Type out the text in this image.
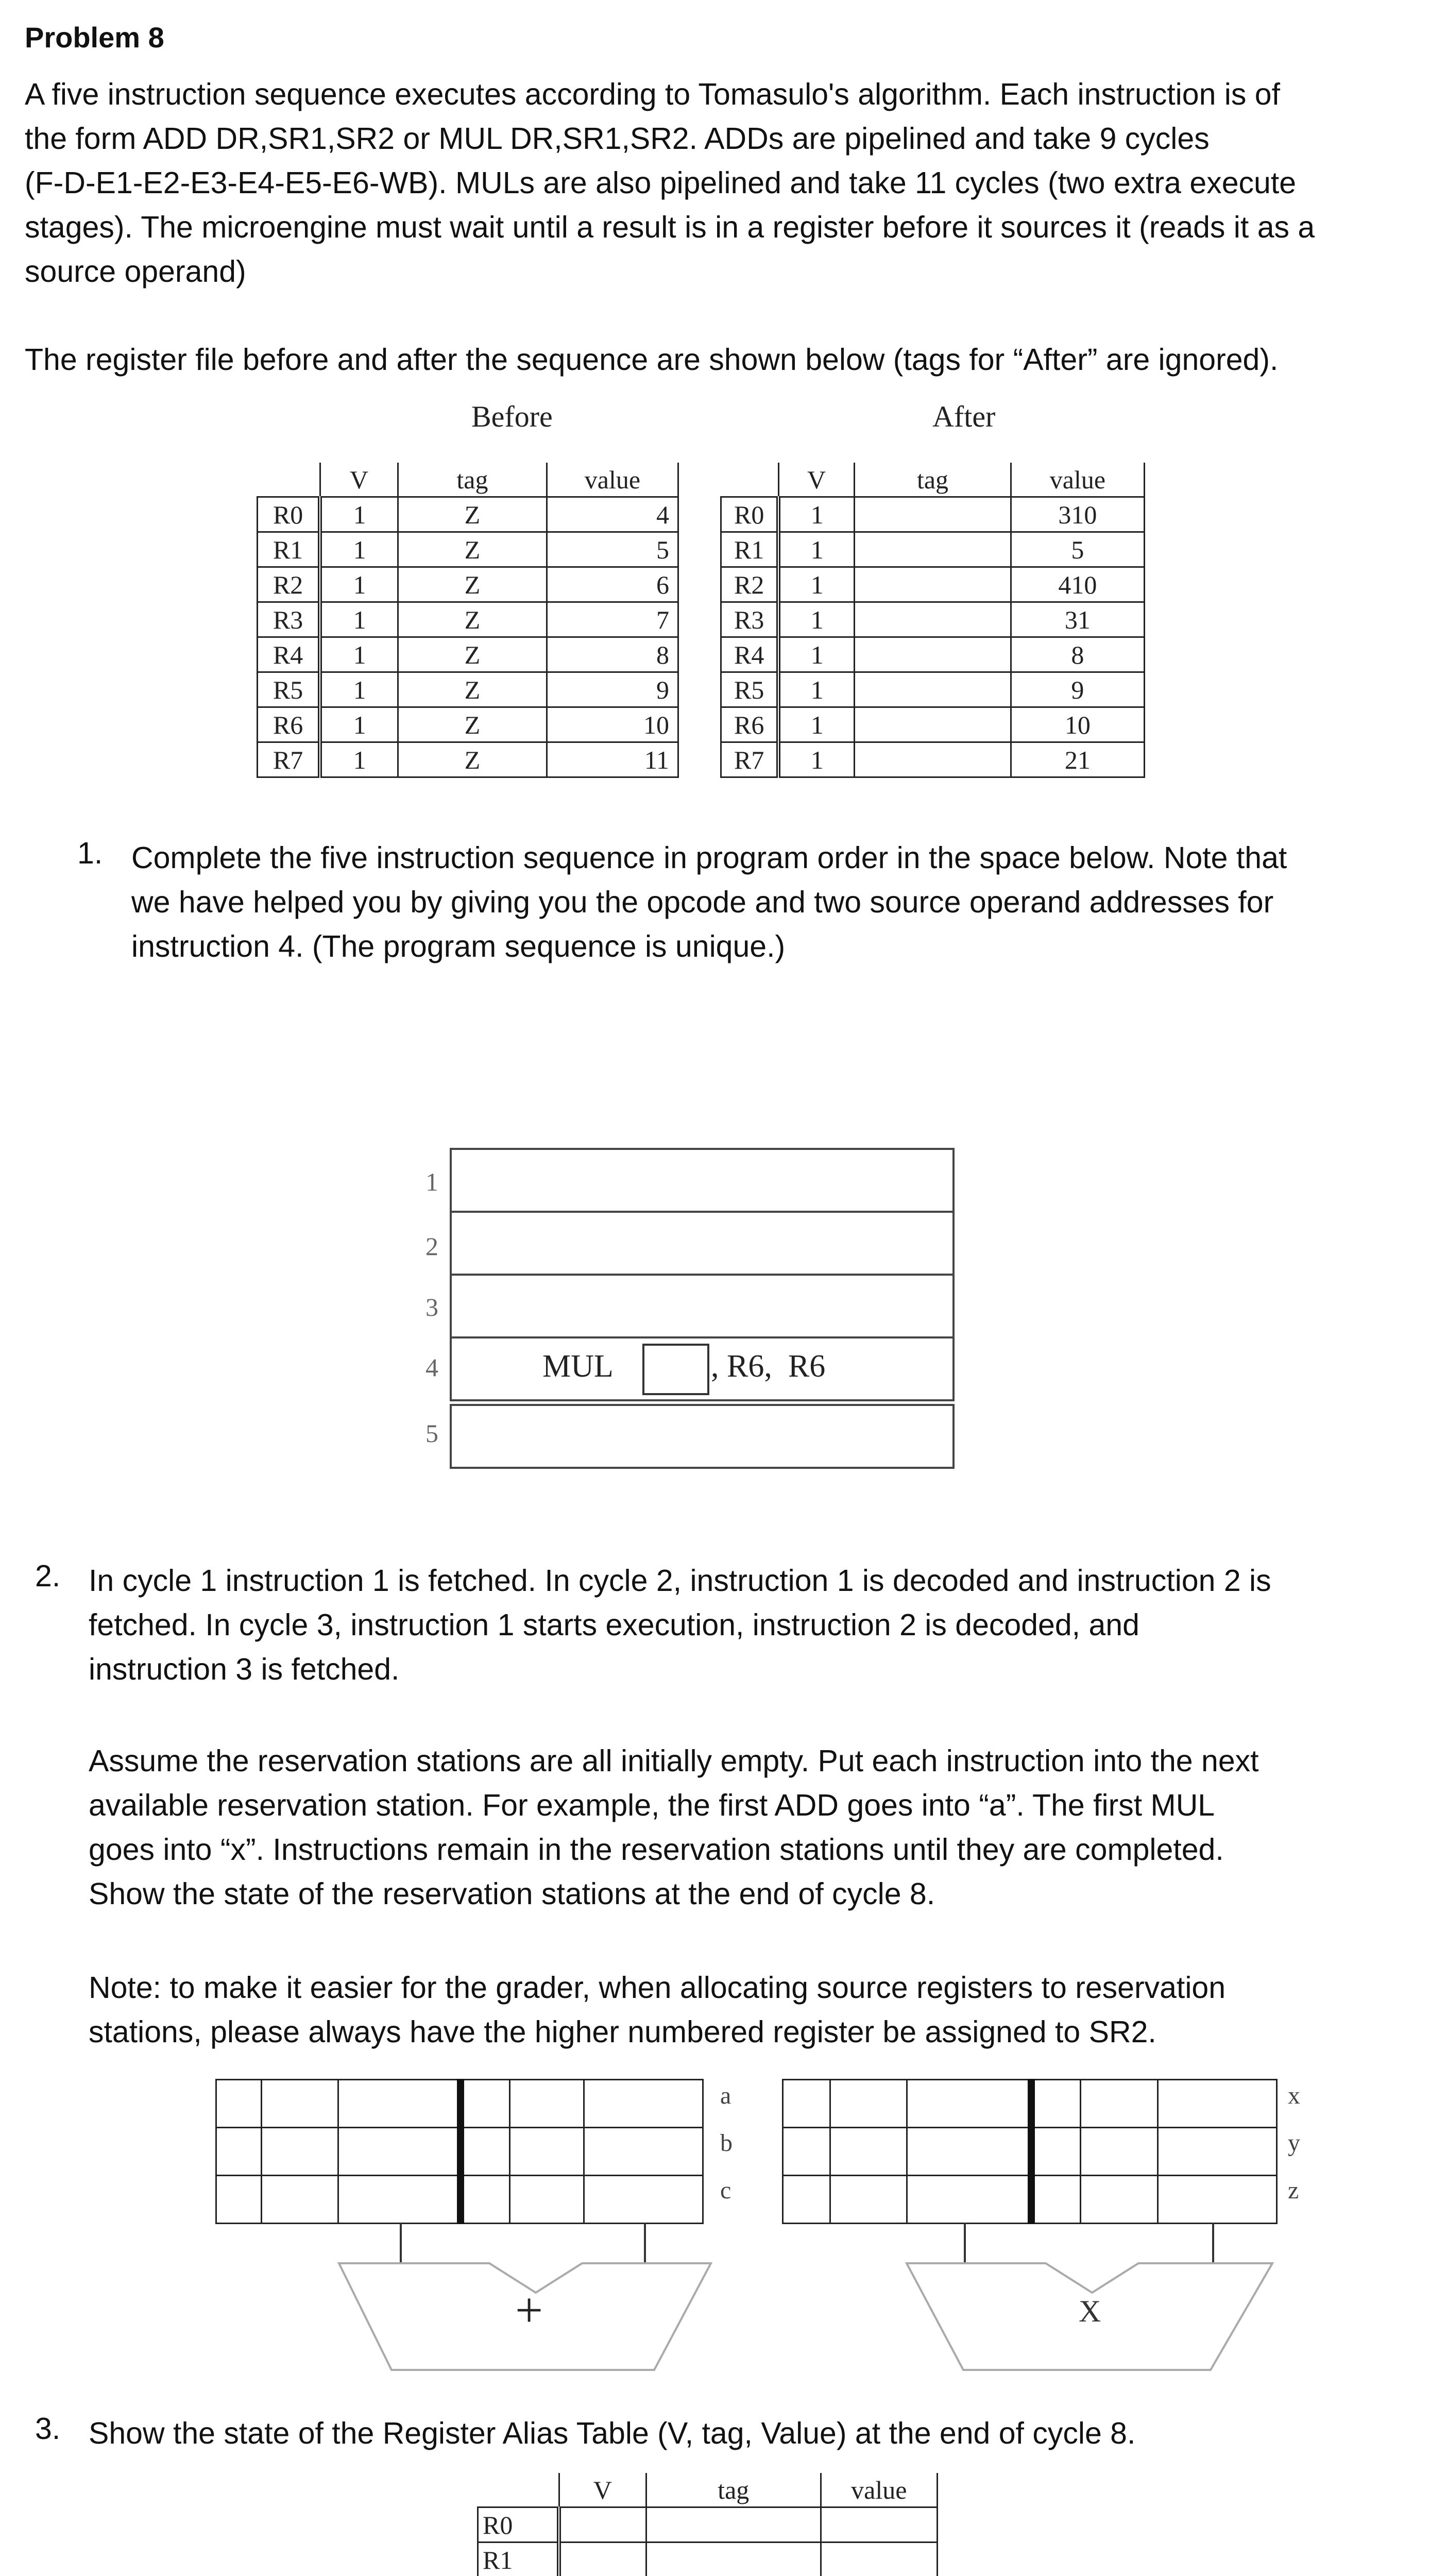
Problem 8
A five instruction sequence executes according to Tomasulo's algorithm. Each instruction is of
the form ADD DR,SR1,SR2 or MUL DR,SR1,SR2. ADDs are pipelined and take 9 cycles
(F-D-E1-E2-E3-E4-E5-E6-WB). MULs are also pipelined and take 11 cycles (two extra execute
stages). The microengine must wait until a result is in a register before it sources it (reads it as a
source operand)
The register file before and after the sequence are shown below (tags for “After” are ignored).
Before	After
	V	tag	value
R0	1	Z	4
R1	1	Z	5
R2	1	Z	6
R3	1	Z	7
R4	1	Z	8
R5	1	Z	9
R6	1	Z	10
R7	1	Z	11
	V	tag	value
R0	1		310
R1	1		5
R2	1		410
R3	1		31
R4	1		8
R5	1		9
R6	1		10
R7	1		21
1. Complete the five instruction sequence in program order in the space below. Note that
we have helped you by giving you the opcode and two source operand addresses for
instruction 4. (The program sequence is unique.)
1
2
3
4
5
MUL	, R6,  R6
2. In cycle 1 instruction 1 is fetched. In cycle 2, instruction 1 is decoded and instruction 2 is
fetched. In cycle 3, instruction 1 starts execution, instruction 2 is decoded, and
instruction 3 is fetched.
Assume the reservation stations are all initially empty. Put each instruction into the next
available reservation station. For example, the first ADD goes into “a”. The first MUL
goes into “x”. Instructions remain in the reservation stations until they are completed.
Show the state of the reservation stations at the end of cycle 8.
Note: to make it easier for the grader, when allocating source registers to reservation
stations, please always have the higher numbered register be assigned to SR2.

a
b
c

x
y
z
+	X
3. Show the state of the Register Alias Table (V, tag, Value) at the end of cycle 8.
	V	tag	value
R0			
R1			
